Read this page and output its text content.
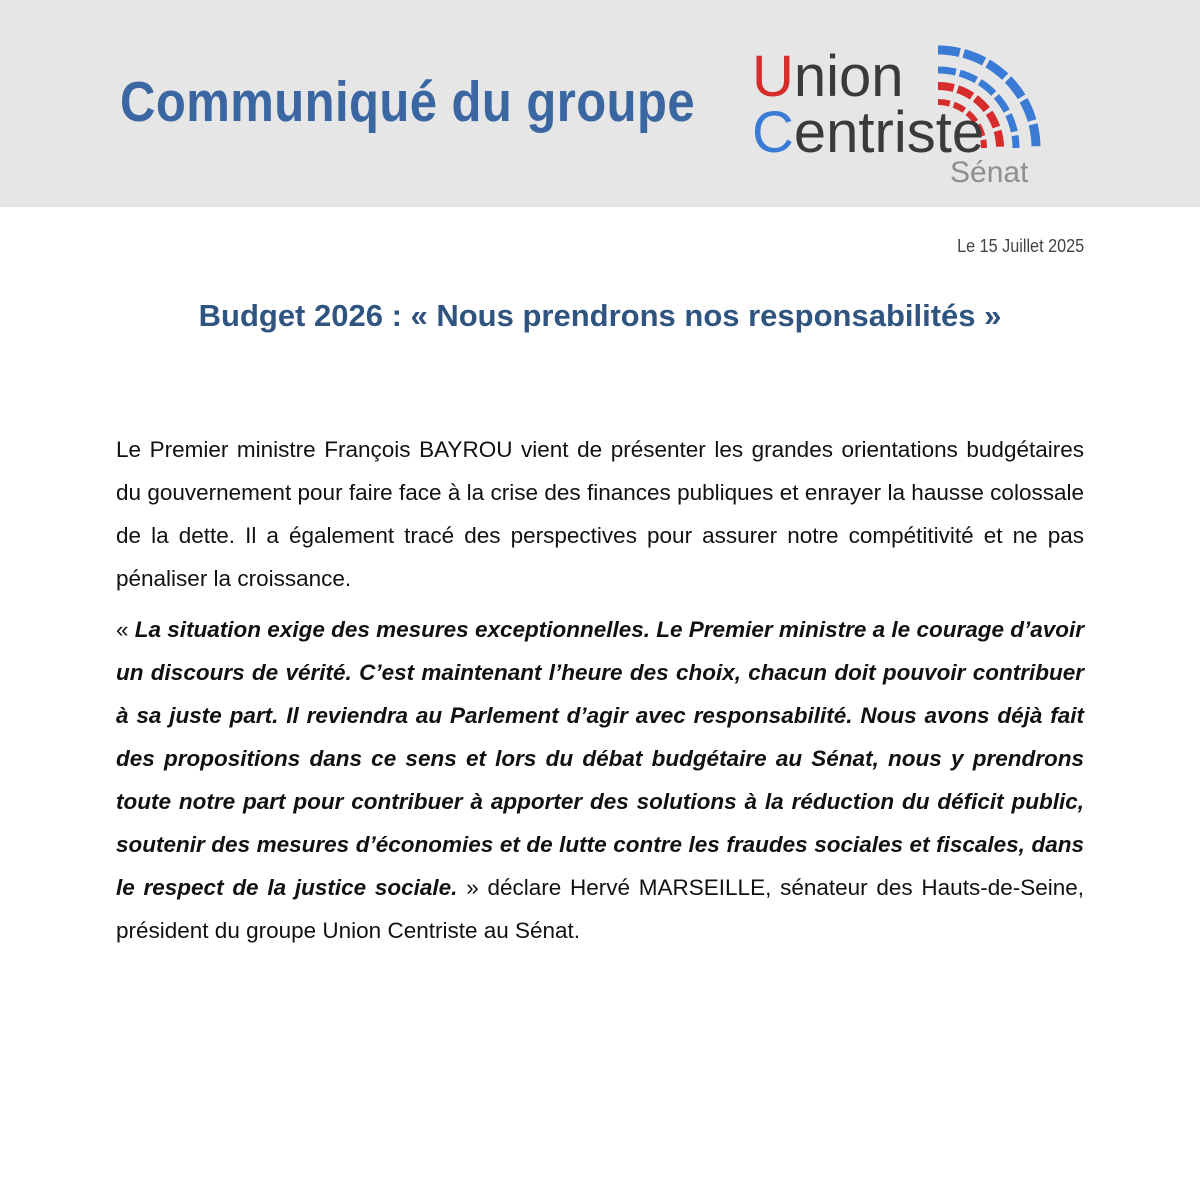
Communiqué du groupe Union
Centriste
Sénat
Le 15 Juillet 2025
Budget 2026 : « Nous prendrons nos responsabilités »

Le Premier ministre François BAYROU vient de présenter les grandes orientations budgétaires du gouvernement pour faire face à la crise des finances publiques et enrayer la hausse colossale de la dette. Il a également tracé des perspectives pour assurer notre compétitivité et ne pas pénaliser la croissance.

« La situation exige des mesures exceptionnelles. Le Premier ministre a le courage d’avoir un discours de vérité. C’est maintenant l’heure des choix, chacun doit pouvoir contribuer à sa juste part. Il reviendra au Parlement d’agir avec responsabilité. Nous avons déjà fait des propositions dans ce sens et lors du débat budgétaire au Sénat, nous y prendrons toute notre part pour contribuer à apporter des solutions à la réduction du déficit public, soutenir des mesures d’économies et de lutte contre les fraudes sociales et fiscales, dans le respect de la justice sociale. » déclare Hervé MARSEILLE, sénateur des Hauts-de-Seine, président du groupe Union Centriste au Sénat.
